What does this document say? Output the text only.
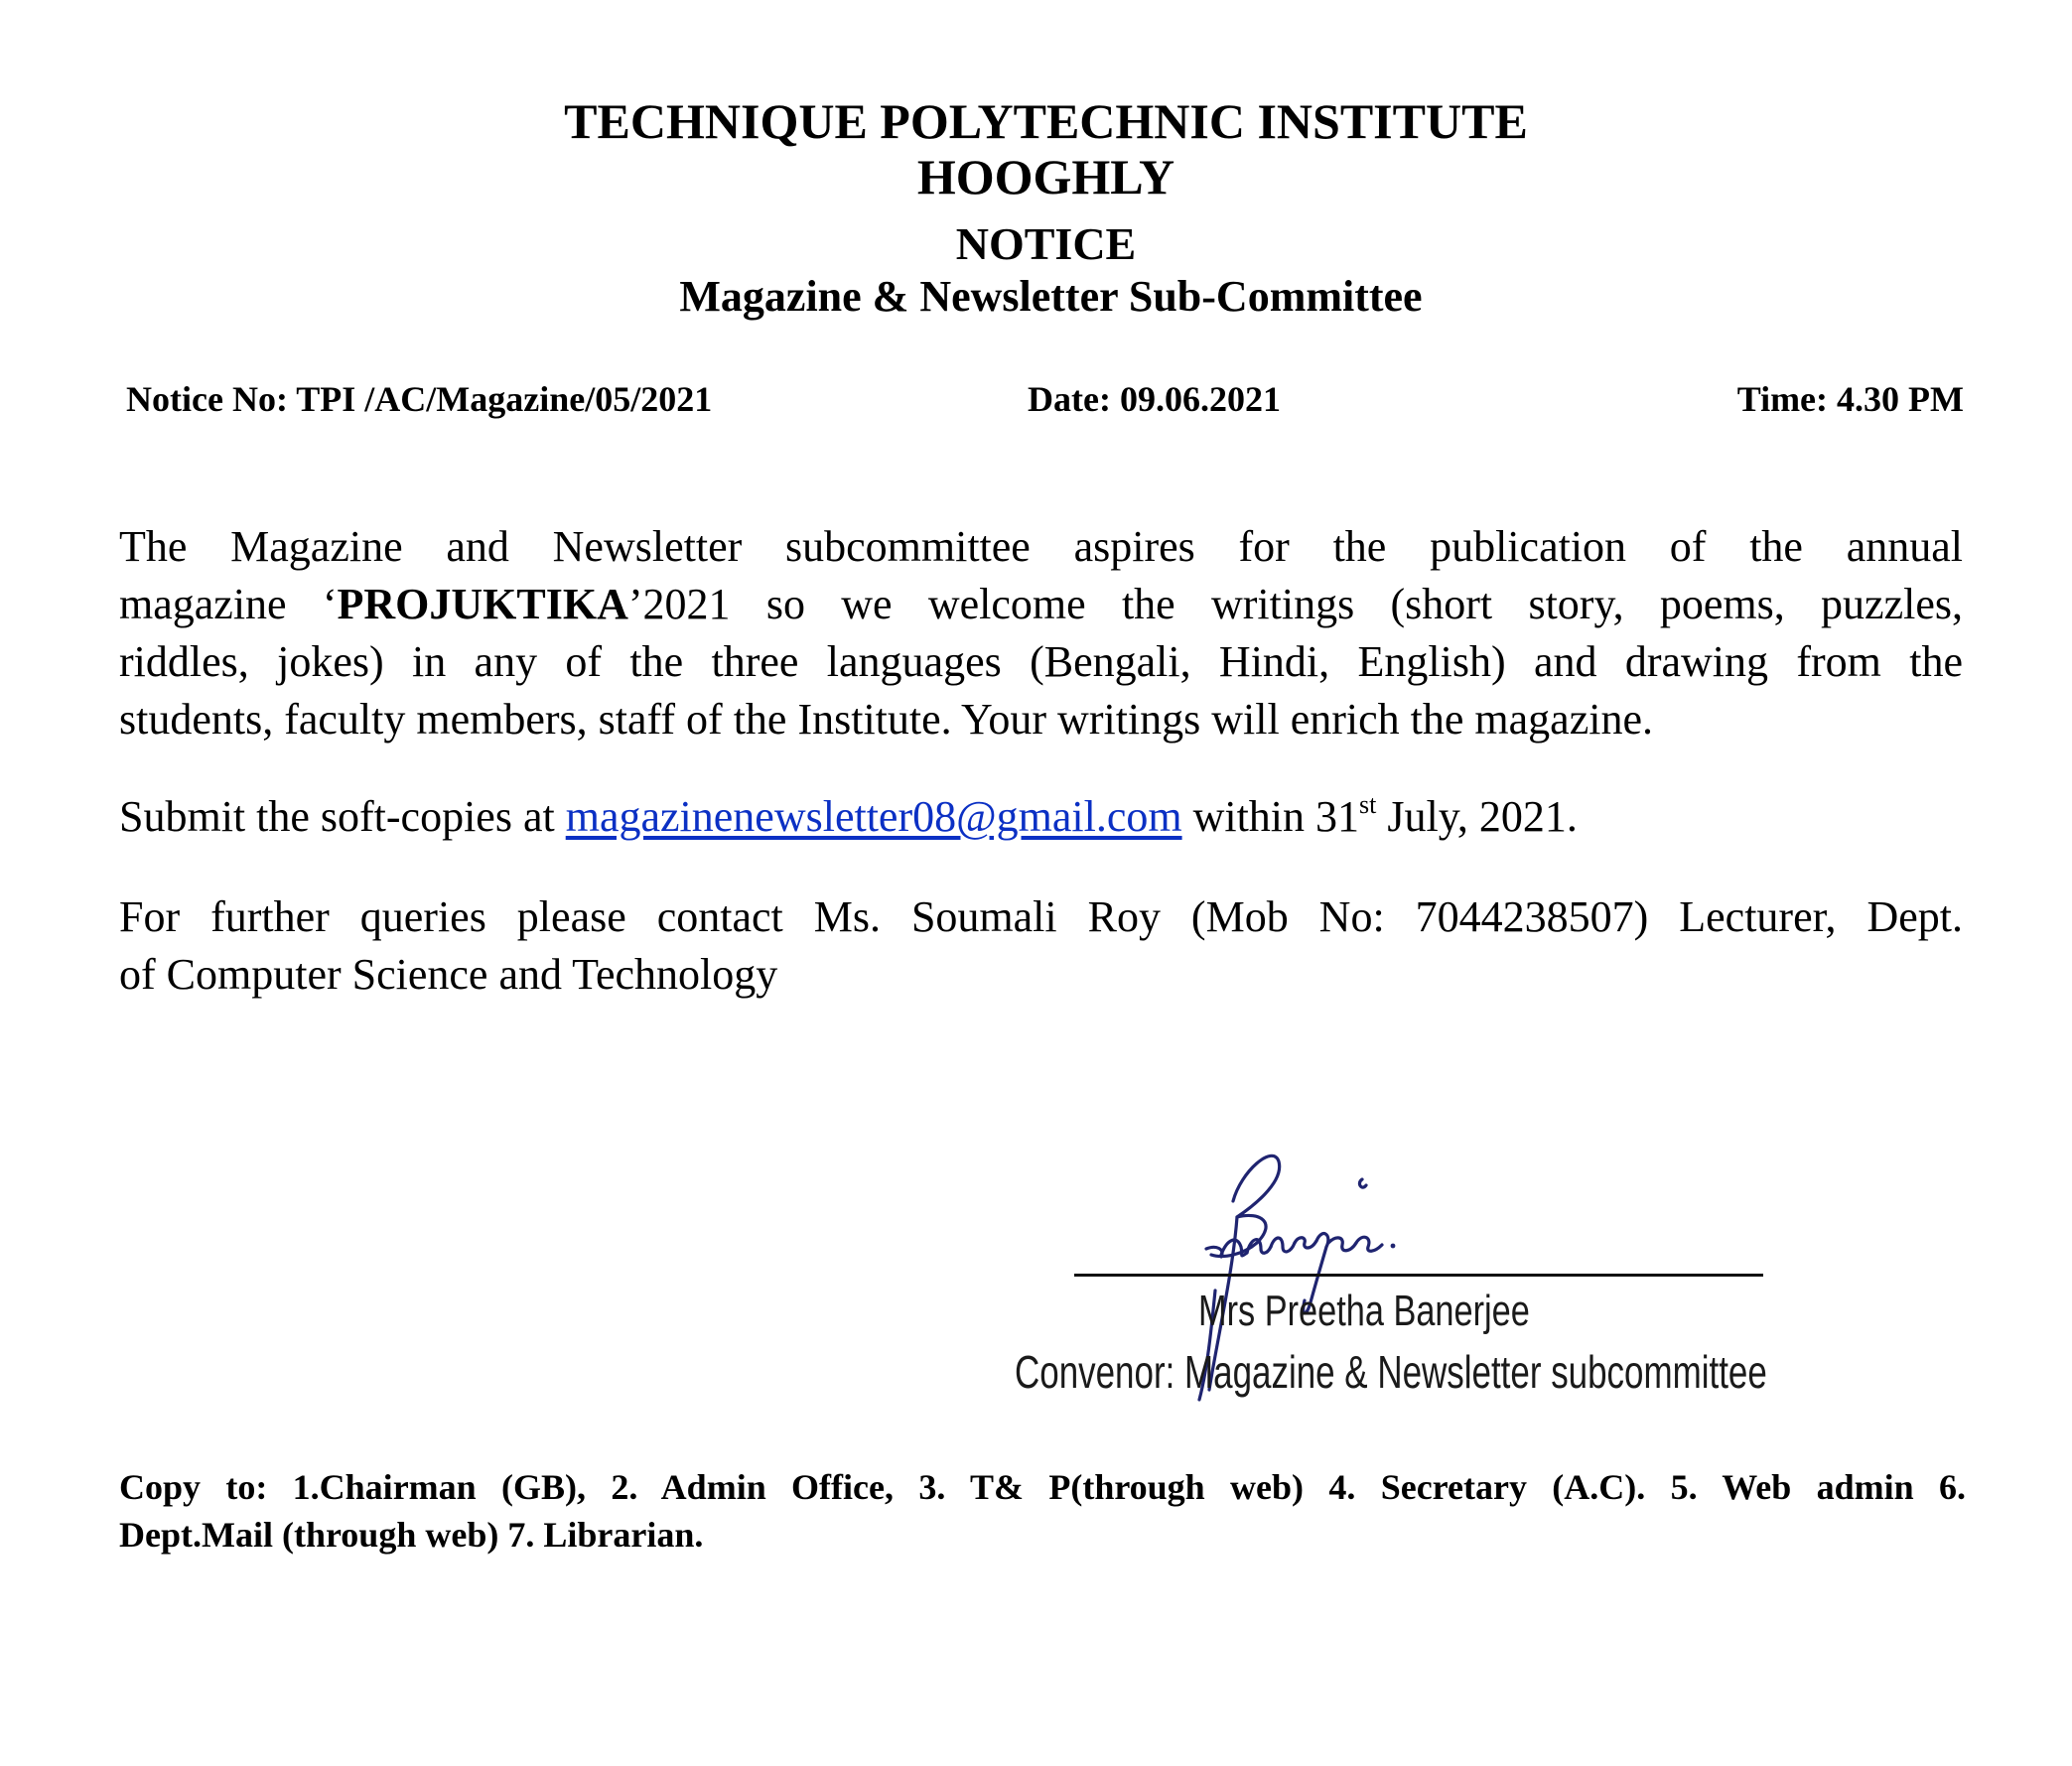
TECHNIQUE POLYTECHNIC INSTITUTE
HOOGHLY
NOTICE
Magazine & Newsletter Sub-Committee
Notice No: TPI /AC/Magazine/05/2021	Date: 09.06.2021	Time: 4.30 PM
The Magazine and Newsletter subcommittee aspires for the publication of the annual
magazine ‘PROJUKTIKA’2021 so we welcome the writings (short story, poems, puzzles,
riddles, jokes) in any of the three languages (Bengali, Hindi, English) and drawing from the
students, faculty members, staff of the Institute. Your writings will enrich the magazine.
Submit the soft-copies at magazinenewsletter08@gmail.com within 31st July, 2021.
For further queries please contact Ms. Soumali Roy (Mob No: 7044238507) Lecturer, Dept.
of Computer Science and Technology
Mrs Preetha Banerjee
Convenor: Magazine & Newsletter subcommittee
Copy to: 1.Chairman (GB), 2. Admin Office, 3. T& P(through web) 4. Secretary (A.C). 5. Web admin 6.
Dept.Mail (through web) 7. Librarian.
